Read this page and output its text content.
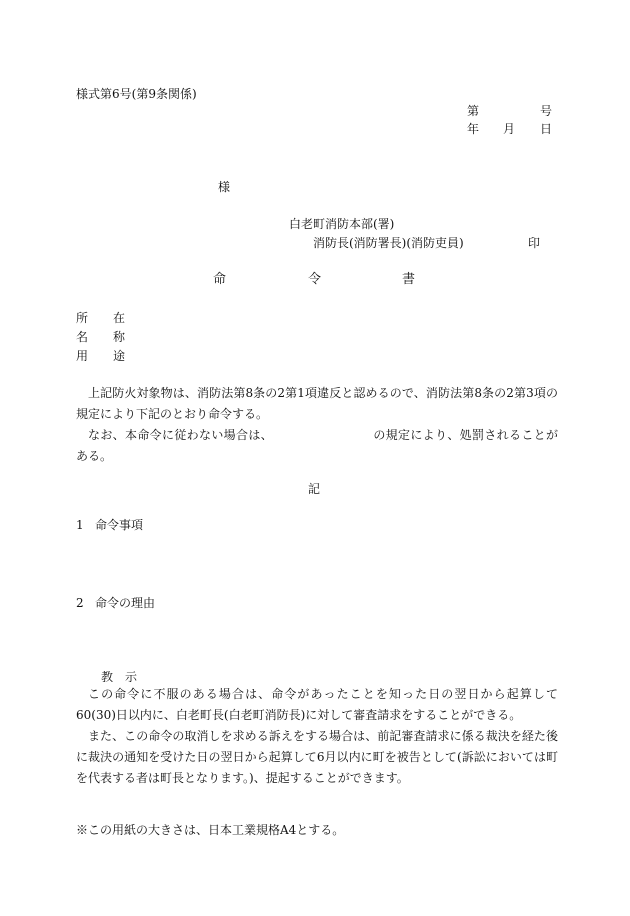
様式第6号(第9条関係)
第	号
年 月 日
様
白老町消防本部(署)
消防長(消防署長)(消防吏員)	印
命	令	書
所 在
名 称
用 途

上記防火対象物は、消防法第8条の2第1項違反と認めるので、消防法第8条の2第3項の規定により下記のとおり命令する。

なお、本命令に従わない場合は、	の規定により、処罰されることがある。

記
1 命令事項
2 命令の理由
教　示

この命令に不服のある場合は、命令があったことを知った日の翌日から起算して60(30)日以内に、白老町長(白老町消防長)に対して審査請求をすることができる。

また、この命令の取消しを求める訴えをする場合は、前記審査請求に係る裁決を経た後に裁決の通知を受けた日の翌日から起算して6月以内に町を被告として(訴訟においては町を代表する者は町長となります。)、提起することができます。

※この用紙の大きさは、日本工業規格A4とする。
